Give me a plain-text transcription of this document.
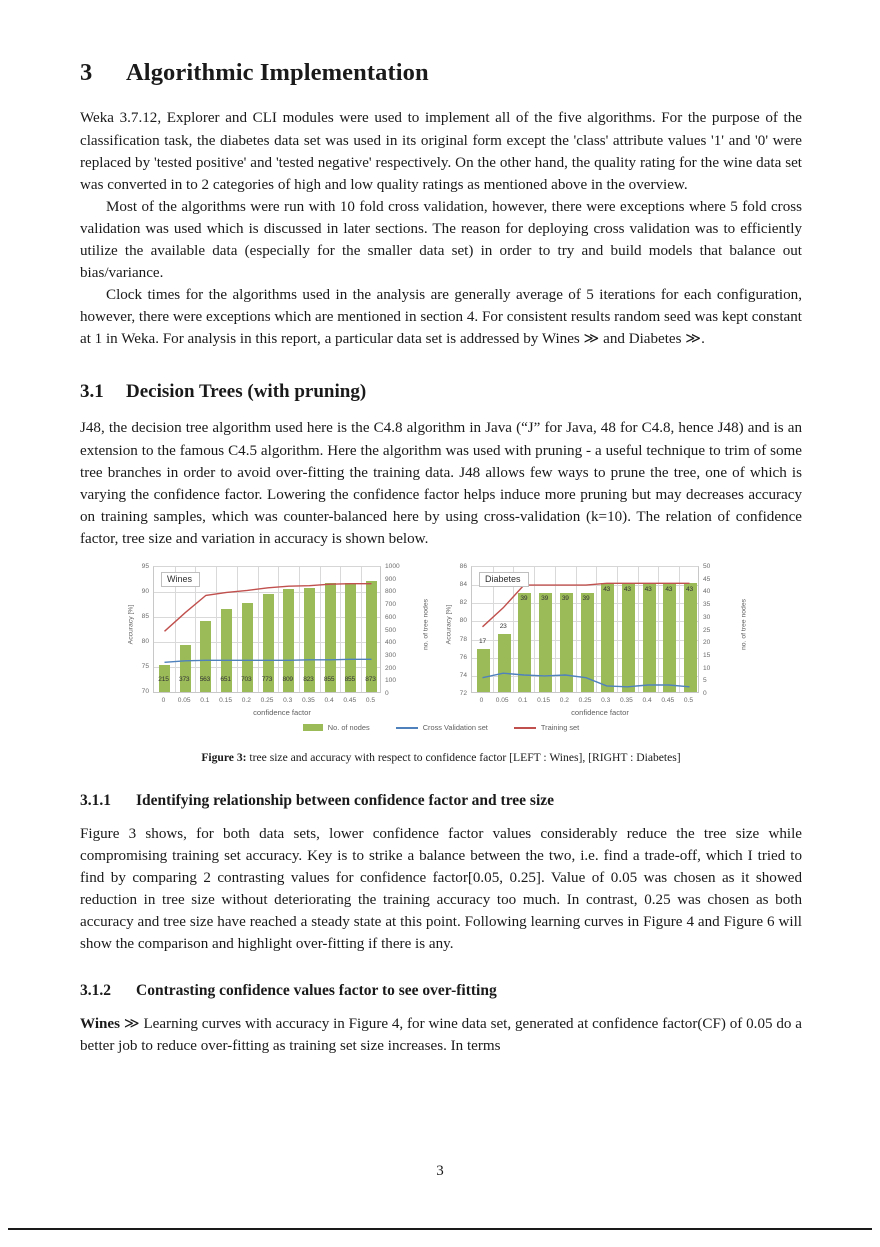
3 Algorithmic Implementation

Weka 3.7.12, Explorer and CLI modules were used to implement all of the five algorithms. For the purpose of the classification task, the diabetes data set was used in its original form except the 'class' attribute values '1' and '0' were replaced by 'tested positive' and 'tested negative' respectively. On the other hand, the quality rating for the wine data set was converted in to 2 categories of high and low quality ratings as mentioned above in the overview.

Most of the algorithms were run with 10 fold cross validation, however, there were exceptions where 5 fold cross validation was used which is discussed in later sections. The reason for deploying cross validation was to efficiently utilize the available data (especially for the smaller data set) in order to try and build models that balance out bias/variance.

Clock times for the algorithms used in the analysis are generally average of 5 iterations for each configuration, however, there were exceptions which are mentioned in section 4. For consistent results random seed was kept constant at 1 in Weka. For analysis in this report, a particular data set is addressed by Wines ≫ and Diabetes ≫.

3.1 Decision Trees (with pruning)

J48, the decision tree algorithm used here is the C4.8 algorithm in Java (“J” for Java, 48 for C4.8, hence J48) and is an extension to the famous C4.5 algorithm. Here the algorithm was used with pruning - a useful technique to trim of some tree branches in order to avoid over-fitting the training data. J48 allows few ways to prune the tree, one of which is varying the confidence factor. Lowering the confidence factor helps induce more pruning but may decreases accuracy on training samples, which was counter-balanced here by using cross-validation (k=10). The relation of confidence factor, tree size and variation in accuracy is shown below.

95
90
85
80
75
70
Accuracy [%]
Wines
215	373	563	651	703	773	809	823	855	855	873
0	0.05	0.1	0.15	0.2	0.25	0.3	0.35	0.4	0.45	0.5
confidence factor
1000
900
800
700
600
500
400
300
200
100
0
no. of tree nodes
86
84
82
80
78
76
74
72
Accuracy [%]
Diabetes
17
23
39	39	39	39
43	43	43	43	43
0	0.05	0.1	0.15	0.2	0.25	0.3	0.35	0.4	0.45	0.5
confidence factor
50
45
40
35
30
25
20
15
10
5
0
no. of tree nodes
No. of nodes	Cross Validation set	Training set
Figure 3: tree size and accuracy with respect to confidence factor [LEFT : Wines], [RIGHT : Diabetes]
3.1.1 Identifying relationship between confidence factor and tree size

Figure 3 shows, for both data sets, lower confidence factor values considerably reduce the tree size while compromising training set accuracy. Key is to strike a balance between the two, i.e. find a trade-off, which I tried to find by comparing 2 contrasting values for confidence factor[0.05, 0.25]. Value of 0.05 was chosen as it showed reduction in tree size without deteriorating the training accuracy too much. In contrast, 0.25 was chosen as both accuracy and tree size have reached a steady state at this point. Following learning curves in Figure 4 and Figure 6 will show the comparison and highlight over-fitting if there is any.

3.1.2 Contrasting confidence values factor to see over-fitting

Wines ≫ Learning curves with accuracy in Figure 4, for wine data set, generated at confidence factor(CF) of 0.05 do a better job to reduce over-fitting as training set size increases. In terms

3
